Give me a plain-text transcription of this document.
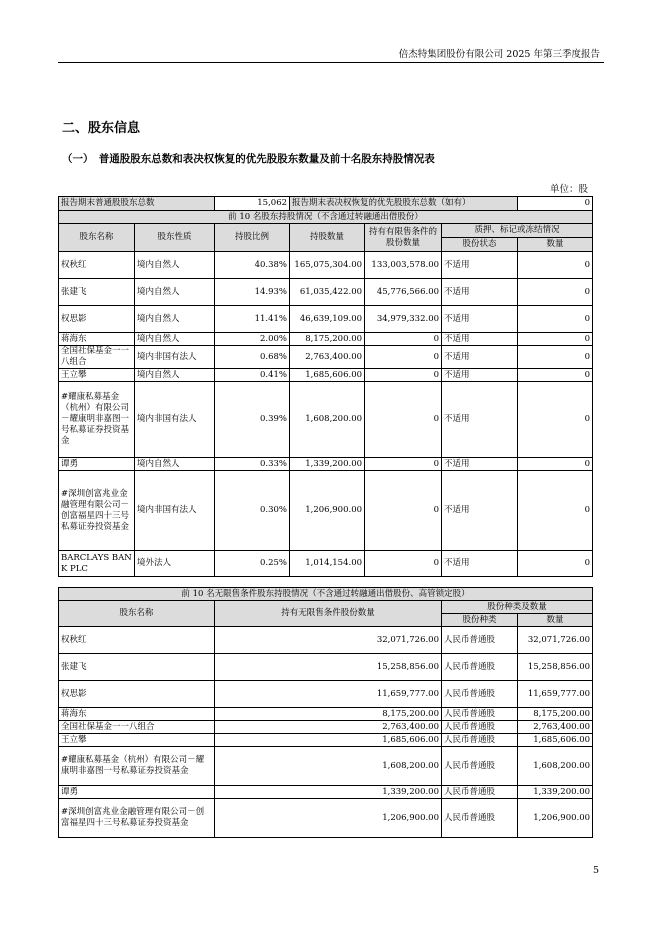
倍杰特集团股份有限公司 2025 年第三季度报告
二、股东信息
（一）　普通股股东总数和表决权恢复的优先股股东数量及前十名股东持股情况表
单位：股
报告期末普通股股东总数		15,062	报告期末表决权恢复的优先股股东总数（如有）			0
前 10 名股东持股情况（不含通过转融通出借股份）						
股东名称	股东性质	持股比例	持股数量	持有有限售条件的股份数量	质押、标记或冻结情况	
					股份状态	数量
权秋红	境内自然人	40.38%	165,075,304.00	133,003,578.00	不适用	0
张建飞	境内自然人	14.93%	61,035,422.00	45,776,566.00	不适用	0
权思影	境内自然人	11.41%	46,639,109.00	34,979,332.00	不适用	0
蒋海东	境内自然人	2.00%	8,175,200.00	0	不适用	0
全国社保基金一一八组合	境内非国有法人	0.68%	2,763,400.00	0	不适用	0
王立攀	境内自然人	0.41%	1,685,606.00	0	不适用	0
#耀康私募基金（杭州）有限公司－耀康明非嘉图一号私募证券投资基金	境内非国有法人	0.39%	1,608,200.00	0	不适用	0
谭勇	境内自然人	0.33%	1,339,200.00	0	不适用	0
#深圳创富兆业金融管理有限公司－创富福星四十三号私募证券投资基金	境内非国有法人	0.30%	1,206,900.00	0	不适用	0
BARCLAYS BANK PLC	境外法人	0.25%	1,014,154.00	0	不适用	0
前 10 名无限售条件股东持股情况（不含通过转融通出借股份、高管锁定股）			
股东名称	持有无限售条件股份数量	股份种类及数量	
		股份种类	数量
权秋红	32,071,726.00	人民币普通股	32,071,726.00
张建飞	15,258,856.00	人民币普通股	15,258,856.00
权思影	11,659,777.00	人民币普通股	11,659,777.00
蒋海东	8,175,200.00	人民币普通股	8,175,200.00
全国社保基金一一八组合	2,763,400.00	人民币普通股	2,763,400.00
王立攀	1,685,606.00	人民币普通股	1,685,606.00
#耀康私募基金（杭州）有限公司－耀康明非嘉图一号私募证券投资基金	1,608,200.00	人民币普通股	1,608,200.00
谭勇	1,339,200.00	人民币普通股	1,339,200.00
#深圳创富兆业金融管理有限公司－创富福星四十三号私募证券投资基金	1,206,900.00	人民币普通股	1,206,900.00
5
